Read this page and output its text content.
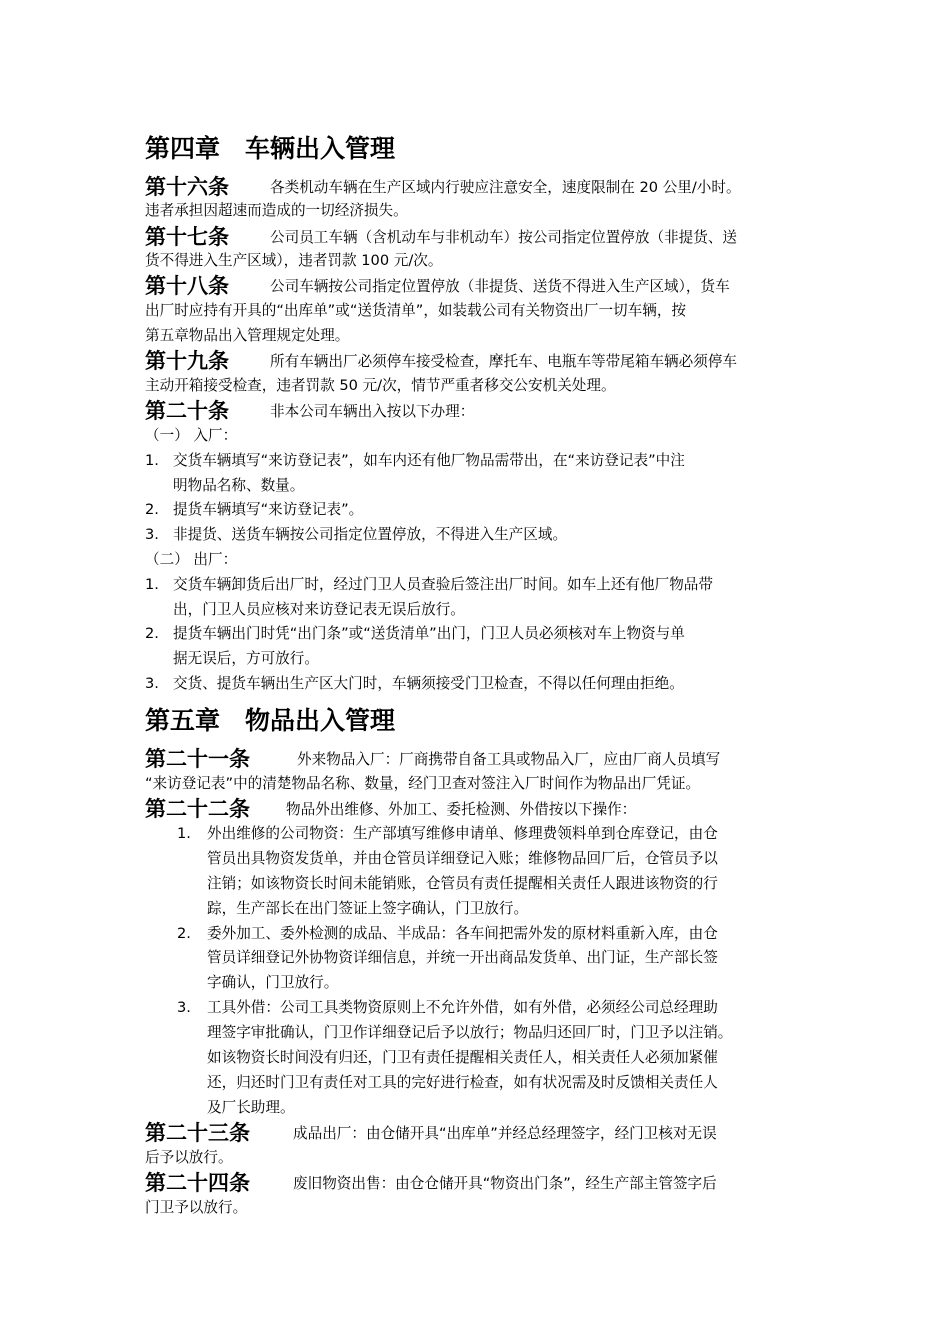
第四章　车辆出入管理
第十六条	各类机动车辆在生产区域内行驶应注意安全，速度限制在 20 公里/小时。
违者承担因超速而造成的一切经济损失。
第十七条	公司员工车辆（含机动车与非机动车）按公司指定位置停放（非提货、送
货不得进入生产区域），违者罚款 100 元/次。
第十八条	公司车辆按公司指定位置停放（非提货、送货不得进入生产区域），货车
出厂时应持有开具的“出库单”或“送货清单”，如装载公司有关物资出厂一切车辆，按
第五章物品出入管理规定处理。
第十九条	所有车辆出厂必须停车接受检查，摩托车、电瓶车等带尾箱车辆必须停车
主动开箱接受检查，违者罚款 50 元/次，情节严重者移交公安机关处理。
第二十条	非本公司车辆出入按以下办理：
（一） 入厂：
1. 交货车辆填写“来访登记表”，如车内还有他厂物品需带出，在“来访登记表”中注
明物品名称、数量。
2. 提货车辆填写“来访登记表”。
3. 非提货、送货车辆按公司指定位置停放，不得进入生产区域。
（二） 出厂：
1. 交货车辆卸货后出厂时，经过门卫人员查验后签注出厂时间。如车上还有他厂物品带
出，门卫人员应核对来访登记表无误后放行。
2. 提货车辆出门时凭“出门条”或“送货清单”出门，门卫人员必须核对车上物资与单
据无误后，方可放行。
3. 交货、提货车辆出生产区大门时，车辆须接受门卫检查，不得以任何理由拒绝。
第五章　物品出入管理
第二十一条	外来物品入厂：厂商携带自备工具或物品入厂，应由厂商人员填写
“来访登记表”中的清楚物品名称、数量，经门卫查对签注入厂时间作为物品出厂凭证。
第二十二条 物品外出维修、外加工、委托检测、外借按以下操作：
1. 外出维修的公司物资：生产部填写维修申请单、修理费领料单到仓库登记，由仓
管员出具物资发货单，并由仓管员详细登记入账；维修物品回厂后，仓管员予以
注销；如该物资长时间未能销账，仓管员有责任提醒相关责任人跟进该物资的行
踪，生产部长在出门签证上签字确认，门卫放行。
2. 委外加工、委外检测的成品、半成品：各车间把需外发的原材料重新入库，由仓
管员详细登记外协物资详细信息，并统一开出商品发货单、出门证，生产部长签
字确认，门卫放行。
3. 工具外借：公司工具类物资原则上不允许外借，如有外借，必须经公司总经理助
理签字审批确认，门卫作详细登记后予以放行；物品归还回厂时，门卫予以注销。
如该物资长时间没有归还，门卫有责任提醒相关责任人，相关责任人必须加紧催
还，归还时门卫有责任对工具的完好进行检查，如有状况需及时反馈相关责任人
及厂长助理。
第二十三条	成品出厂：由仓储开具“出库单”并经总经理签字，经门卫核对无误
后予以放行。
第二十四条	废旧物资出售：由仓仓储开具“物资出门条”，经生产部主管签字后
门卫予以放行。
